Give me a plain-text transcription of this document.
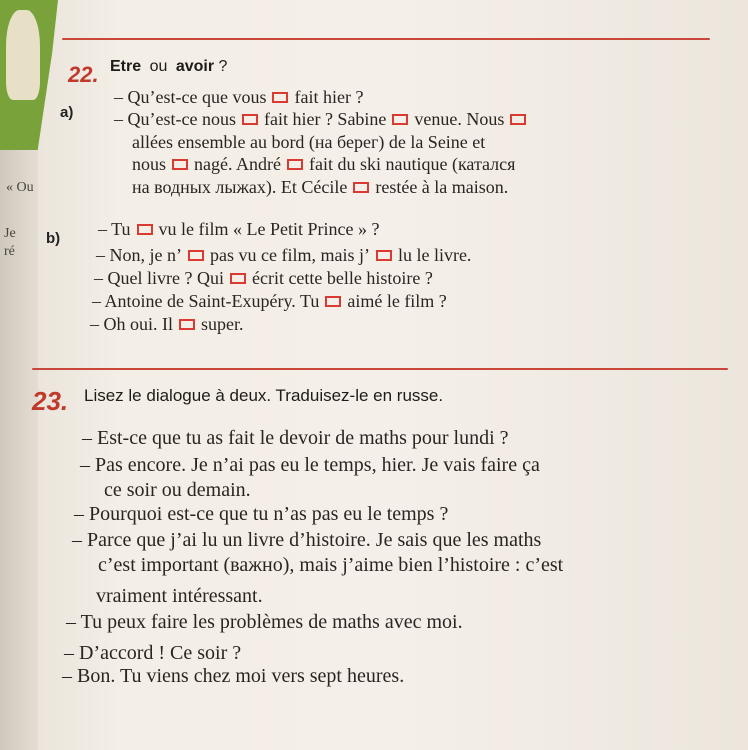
« Ou
Je
ré
22. Etre ou avoir ?
a)
– Qu’est-ce que vous fait hier ?
– Qu’est-ce nous fait hier ? Sabine venue. Nous
allées ensemble au bord (на берег) de la Seine et
nous nagé. André fait du ski nautique (катался
на водных лыжах). Et Cécile restée à la maison.
b) – Tu vu le film « Le Petit Prince » ?
– Non, je n’ pas vu ce film, mais j’ lu le livre.
– Quel livre ? Qui écrit cette belle histoire ?
– Antoine de Saint-Exupéry. Tu aimé le film ?
– Oh oui. Il super.
23. Lisez le dialogue à deux. Traduisez-le en russe.
– Est-ce que tu as fait le devoir de maths pour lundi ?
– Pas encore. Je n’ai pas eu le temps, hier. Je vais faire ça
ce soir ou demain.
– Pourquoi est-ce que tu n’as pas eu le temps ?
– Parce que j’ai lu un livre d’histoire. Je sais que les maths
c’est important (важно), mais j’aime bien l’histoire : c’est
vraiment intéressant.
– Tu peux faire les problèmes de maths avec moi.
– D’accord ! Ce soir ?
– Bon. Tu viens chez moi vers sept heures.
